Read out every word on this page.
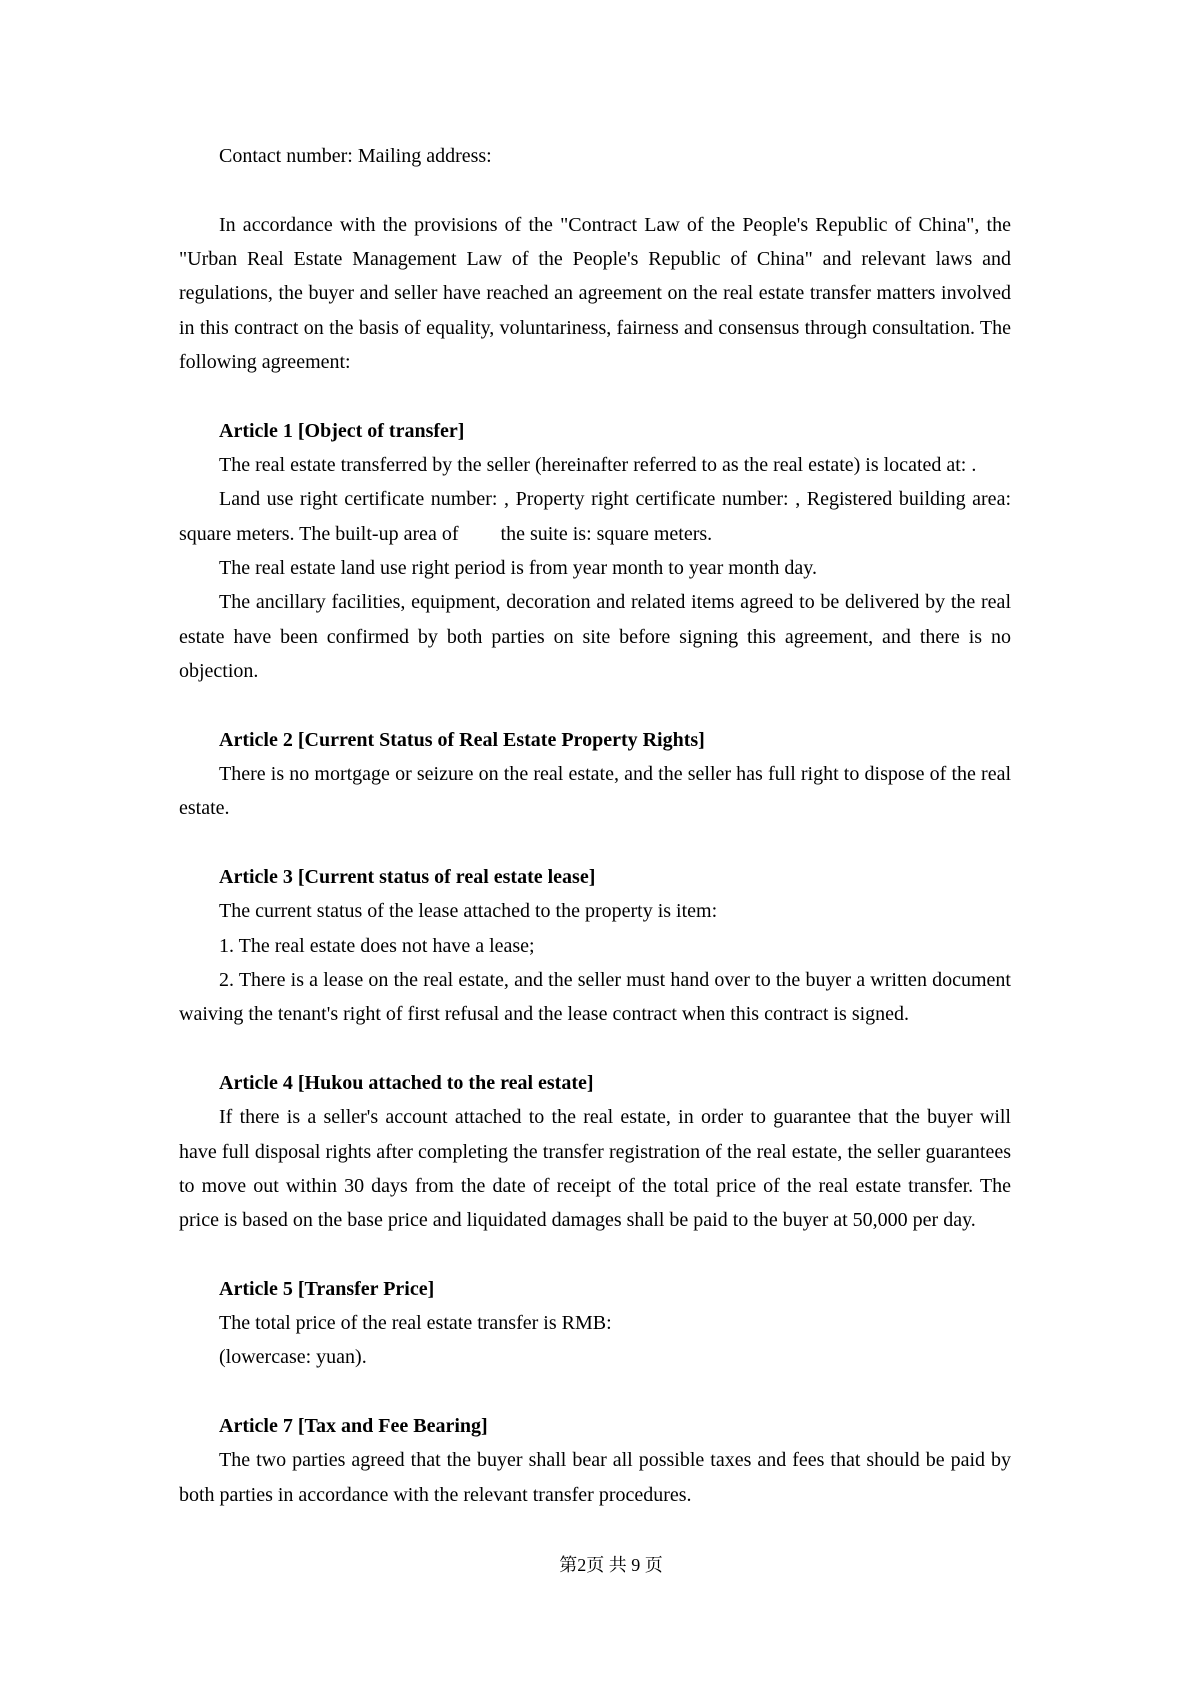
Contact number: Mailing address:

In accordance with the provisions of the "Contract Law of the People's Republic of China", the "Urban Real Estate Management Law of the People's Republic of China" and relevant laws and regulations, the buyer and seller have reached an agreement on the real estate transfer matters involved in this contract on the basis of equality, voluntariness, fairness and consensus through consultation. The following agreement:

Article 1 [Object of transfer]

The real estate transferred by the seller (hereinafter referred to as the real estate) is located at: .

Land use right certificate number: , Property right certificate number: , Registered building area: square meters. The built-up area of the suite is: square meters.

The real estate land use right period is from year month to year month day.

The ancillary facilities, equipment, decoration and related items agreed to be delivered by the real estate have been confirmed by both parties on site before signing this agreement, and there is no objection.

Article 2 [Current Status of Real Estate Property Rights]

There is no mortgage or seizure on the real estate, and the seller has full right to dispose of the real estate.

Article 3 [Current status of real estate lease]

The current status of the lease attached to the property is item:

1. The real estate does not have a lease;

2. There is a lease on the real estate, and the seller must hand over to the buyer a written document waiving the tenant's right of first refusal and the lease contract when this contract is signed.

Article 4 [Hukou attached to the real estate]

If there is a seller's account attached to the real estate, in order to guarantee that the buyer will have full disposal rights after completing the transfer registration of the real estate, the seller guarantees to move out within 30 days from the date of receipt of the total price of the real estate transfer. The price is based on the base price and liquidated damages shall be paid to the buyer at 50,000 per day.

Article 5 [Transfer Price]

The total price of the real estate transfer is RMB:

(lowercase: yuan).

Article 7 [Tax and Fee Bearing]

The two parties agreed that the buyer shall bear all possible taxes and fees that should be paid by both parties in accordance with the relevant transfer procedures.

第2页 共 9 页
